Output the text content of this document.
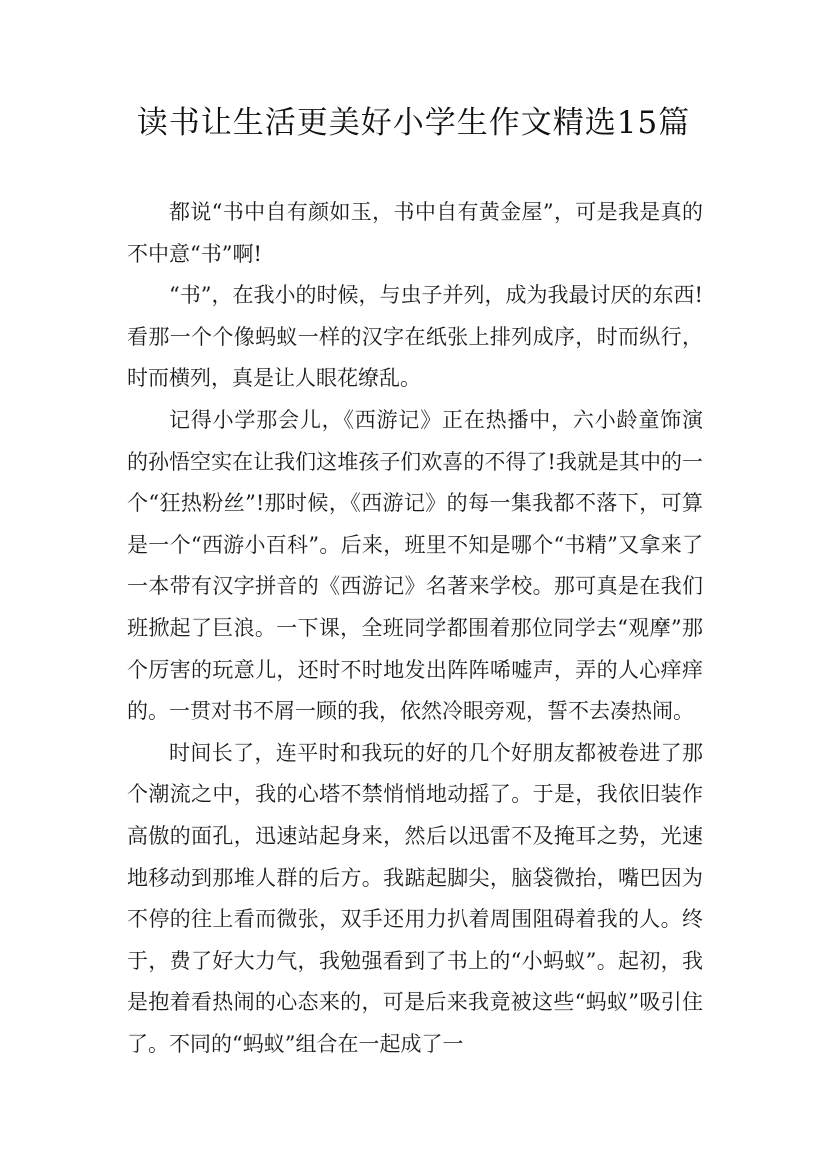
读书让生活更美好小学生作文精选15篇

都说“书中自有颜如玉，书中自有黄金屋”，可是我是真的不中意“书”啊!

“书”，在我小的时候，与虫子并列，成为我最讨厌的东西!看那一个个像蚂蚁一样的汉字在纸张上排列成序，时而纵行，时而横列，真是让人眼花缭乱。

记得小学那会儿，《西游记》正在热播中，六小龄童饰演的孙悟空实在让我们这堆孩子们欢喜的不得了!我就是其中的一个“狂热粉丝”!那时候，《西游记》的每一集我都不落下，可算是一个“西游小百科”。后来，班里不知是哪个“书精”又拿来了一本带有汉字拼音的《西游记》名著来学校。那可真是在我们班掀起了巨浪。一下课，全班同学都围着那位同学去“观摩”那个厉害的玩意儿，还时不时地发出阵阵唏嘘声，弄的人心痒痒的。一贯对书不屑一顾的我，依然冷眼旁观，誓不去凑热闹。

时间长了，连平时和我玩的好的几个好朋友都被卷进了那个潮流之中，我的心塔不禁悄悄地动摇了。于是，我依旧装作高傲的面孔，迅速站起身来，然后以迅雷不及掩耳之势，光速地移动到那堆人群的后方。我踮起脚尖，脑袋微抬，嘴巴因为不停的往上看而微张，双手还用力扒着周围阻碍着我的人。终于，费了好大力气，我勉强看到了书上的“小蚂蚁”。起初，我是抱着看热闹的心态来的，可是后来我竟被这些“蚂蚁”吸引住了。不同的“蚂蚁”组合在一起成了一
